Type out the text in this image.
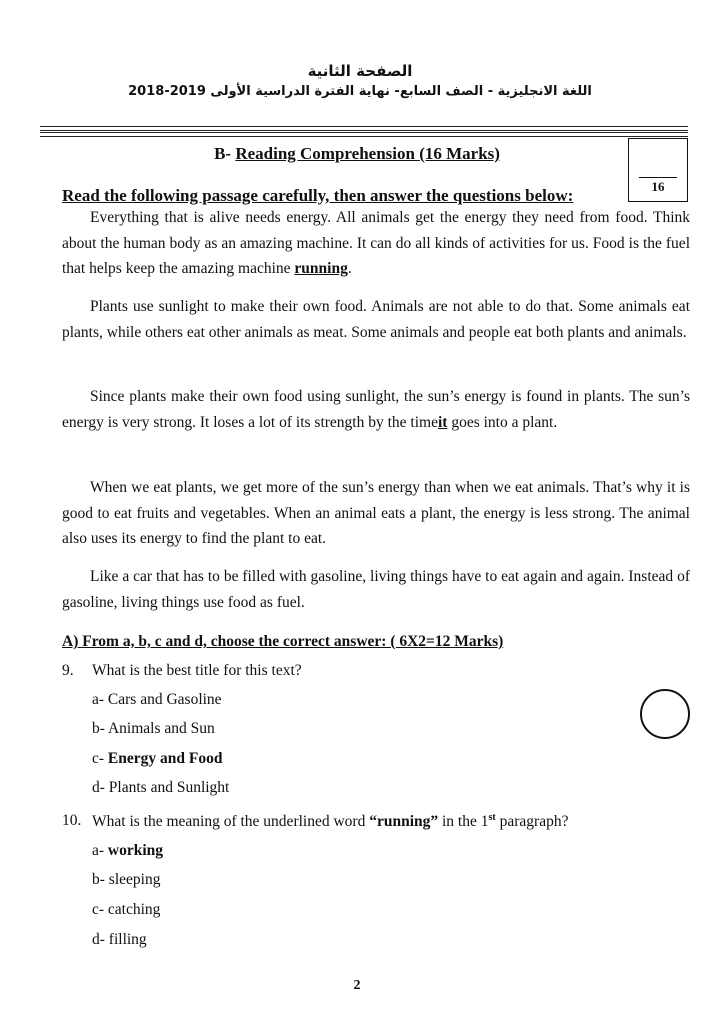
الصفحة الثانية
اللغة الانجليزية - الصف السابع- نهاية الفترة الدراسية الأولى 2019-2018
B- Reading Comprehension (16 Marks)
16
Read the following passage carefully, then answer the questions below:

Everything that is alive needs energy. All animals get the energy they need from food. Think about the human body as an amazing machine. It can do all kinds of activities for us. Food is the fuel that helps keep the amazing machine running.

Plants use sunlight to make their own food. Animals are not able to do that. Some animals eat plants, while others eat other animals as meat. Some animals and people eat both plants and animals.

Since plants make their own food using sunlight, the sun’s energy is found in plants. The sun’s energy is very strong. It loses a lot of its strength by the timeit goes into a plant.

When we eat plants, we get more of the sun’s energy than when we eat animals. That’s why it is good to eat fruits and vegetables. When an animal eats a plant, the energy is less strong. The animal also uses its energy to find the plant to eat.

Like a car that has to be filled with gasoline, living things have to eat again and again. Instead of gasoline, living things use food as fuel.

A) From a, b, c and d, choose the correct answer: ( 6X2=12 Marks)
9. What is the best title for this text?
a- Cars and Gasoline
b- Animals and Sun
c- Energy and Food
d- Plants and Sunlight
10. What is the meaning of the underlined word “running” in the 1st paragraph?
a- working
b- sleeping
c- catching
d- filling
2
